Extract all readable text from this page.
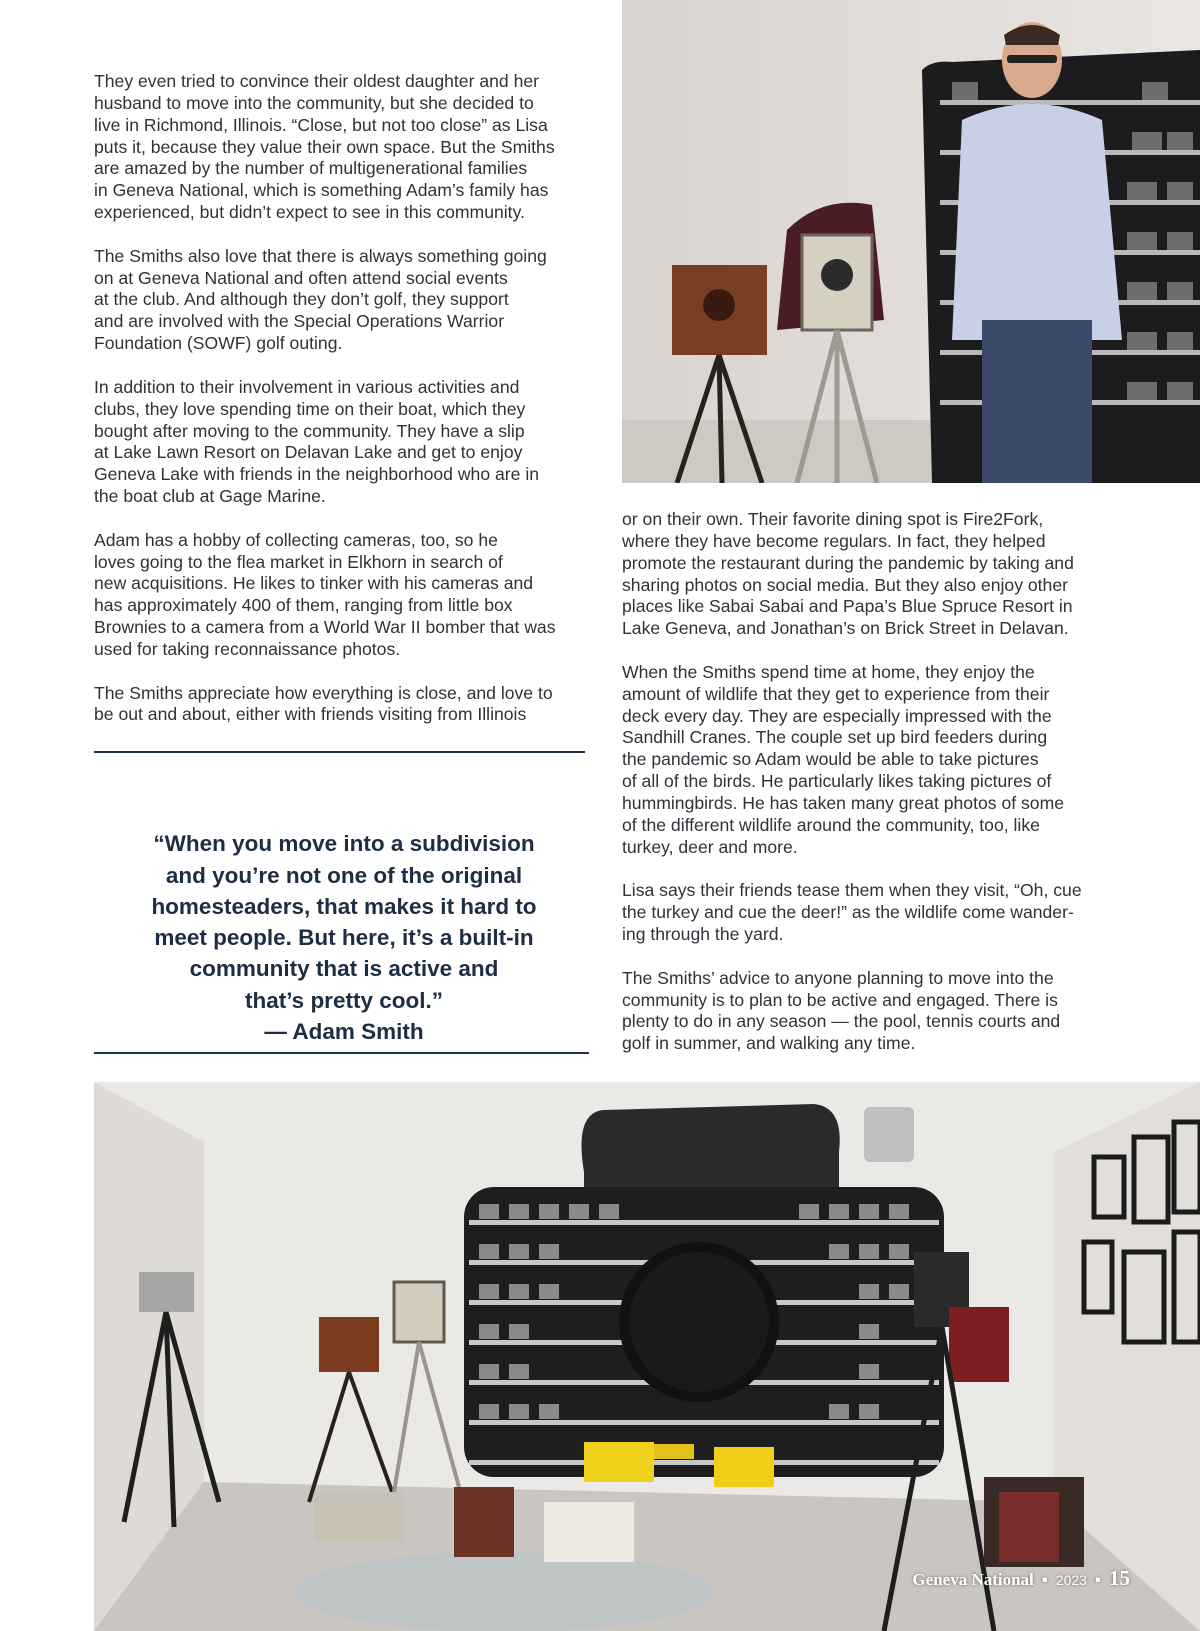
They even tried to convince their oldest daughter and her
husband to move into the community, but she decided to
live in Richmond, Illinois. “Close, but not too close” as Lisa
puts it, because they value their own space. But the Smiths
are amazed by the number of multigenerational families
in Geneva National, which is something Adam’s family has
experienced, but didn’t expect to see in this community.

The Smiths also love that there is always something going
on at Geneva National and often attend social events
at the club. And although they don’t golf, they support
and are involved with the Special Operations Warrior
Foundation (SOWF) golf outing.

In addition to their involvement in various activities and
clubs, they love spending time on their boat, which they
bought after moving to the community. They have a slip
at Lake Lawn Resort on Delavan Lake and get to enjoy
Geneva Lake with friends in the neighborhood who are in
the boat club at Gage Marine.

Adam has a hobby of collecting cameras, too, so he
loves going to the flea market in Elkhorn in search of
new acquisitions. He likes to tinker with his cameras and
has approximately 400 of them, ranging from little box
Brownies to a camera from a World War II bomber that was
used for taking reconnaissance photos.

The Smiths appreciate how everything is close, and love to
be out and about, either with friends visiting from Illinois

“When you move into a subdivision
and you’re not one of the original
homesteaders, that makes it hard to
meet people. But here, it’s a built-in
community that is active and
that’s pretty cool.”

— Adam Smith

or on their own. Their favorite dining spot is Fire2Fork,
where they have become regulars. In fact, they helped
promote the restaurant during the pandemic by taking and
sharing photos on social media. But they also enjoy other
places like Sabai Sabai and Papa’s Blue Spruce Resort in
Lake Geneva, and Jonathan’s on Brick Street in Delavan.

When the Smiths spend time at home, they enjoy the
amount of wildlife that they get to experience from their
deck every day. They are especially impressed with the
Sandhill Cranes. The couple set up bird feeders during
the pandemic so Adam would be able to take pictures
of all of the birds. He particularly likes taking pictures of
hummingbirds. He has taken many great photos of some
of the different wildlife around the community, too, like
turkey, deer and more.

Lisa says their friends tease them when they visit, “Oh, cue
the turkey and cue the deer!” as the wildlife come wander-
ing through the yard.

The Smiths’ advice to anyone planning to move into the
community is to plan to be active and engaged. There is
plenty to do in any season — the pool, tennis courts and
golf in summer, and walking any time.

Geneva National ▪ 2023 ▪ 15
